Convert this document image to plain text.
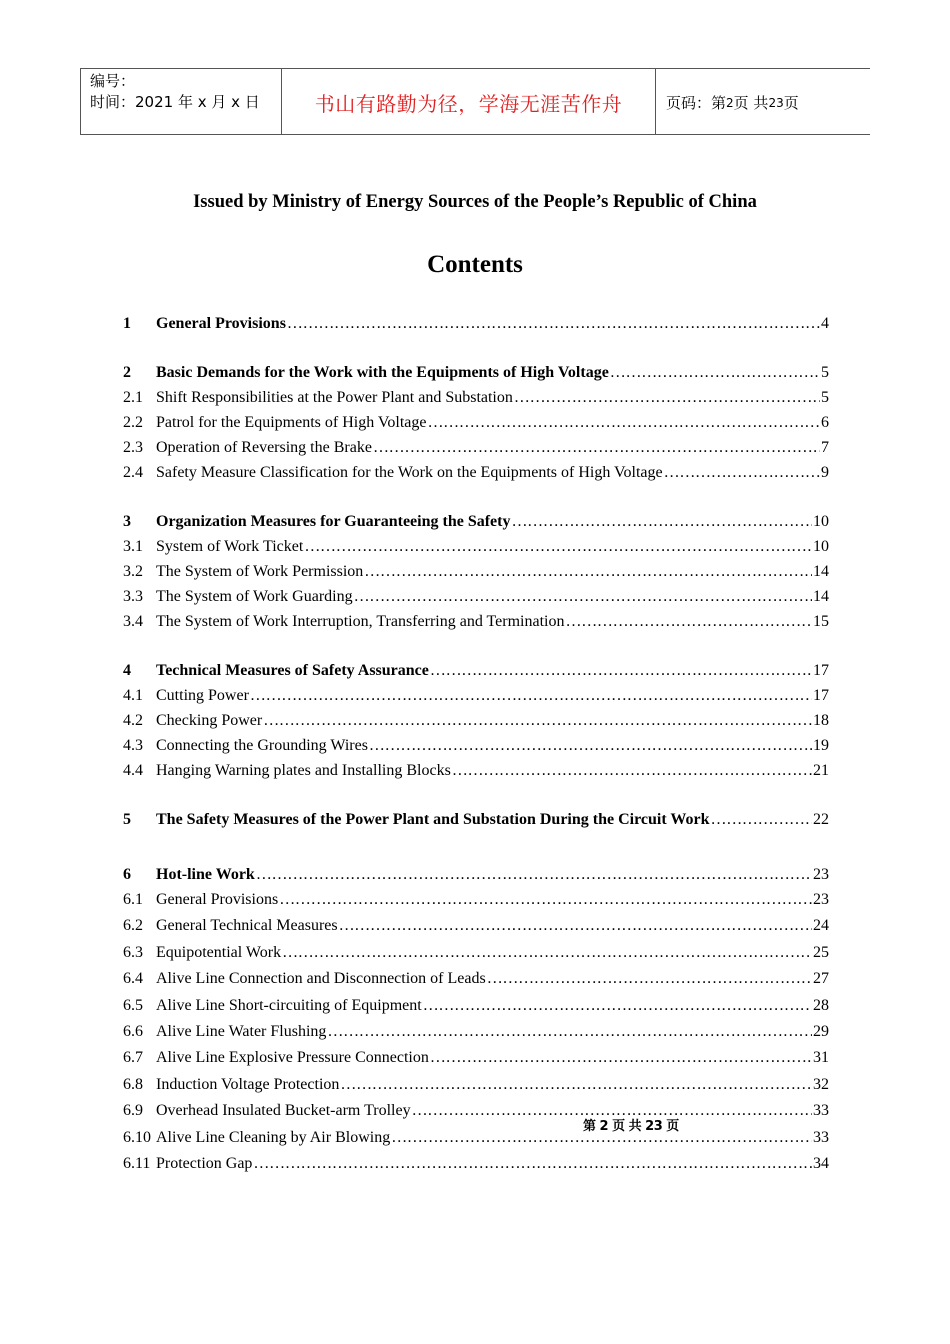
编号：
时间：2021 年 x 月 x 日	书山有路勤为径，学海无涯苦作舟	页码：第 2 页 共 23 页
Issued by Ministry of Energy Sources of the People’s Republic of China
Contents
1	General Provisions …………………………………………………………………………………………………………………………………………………………………………………………	4
2	Basic Demands for the Work with the Equipments of High Voltage …………………………………………………………………………………………………………………………………………………………………………………………	5
2.1 Shift Responsibilities at the Power Plant and Substation …………………………………………………………………………………………………………………………………………………………………………………………	5
2.2 Patrol for the Equipments of High Voltage …………………………………………………………………………………………………………………………………………………………………………………………	6
2.3 Operation of Reversing the Brake …………………………………………………………………………………………………………………………………………………………………………………………	7
2.4 Safety Measure Classification for the Work on the Equipments of High Voltage …………………………………………………………………………………………………………………………………………………………………………………………	9
3	Organization Measures for Guaranteeing the Safety …………………………………………………………………………………………………………………………………………………………………………………………	10
3.1 System of Work Ticket …………………………………………………………………………………………………………………………………………………………………………………………	10
3.2 The System of Work Permission …………………………………………………………………………………………………………………………………………………………………………………………	14
3.3 The System of Work Guarding …………………………………………………………………………………………………………………………………………………………………………………………	14
3.4 The System of Work Interruption, Transferring and Termination …………………………………………………………………………………………………………………………………………………………………………………………	15
4	Technical Measures of Safety Assurance …………………………………………………………………………………………………………………………………………………………………………………………	17
4.1 Cutting Power …………………………………………………………………………………………………………………………………………………………………………………………	17
4.2 Checking Power …………………………………………………………………………………………………………………………………………………………………………………………	18
4.3 Connecting the Grounding Wires …………………………………………………………………………………………………………………………………………………………………………………………	19
4.4 Hanging Warning plates and Installing Blocks …………………………………………………………………………………………………………………………………………………………………………………………	21
5	The Safety Measures of the Power Plant and Substation During the Circuit Work …………………………………………………………………………………………………………………………………………………………………………………………	22
6	Hot-line Work …………………………………………………………………………………………………………………………………………………………………………………………	23
6.1 General Provisions …………………………………………………………………………………………………………………………………………………………………………………………	23
6.2 General Technical Measures …………………………………………………………………………………………………………………………………………………………………………………………	24
6.3 Equipotential Work …………………………………………………………………………………………………………………………………………………………………………………………	25
6.4 Alive Line Connection and Disconnection of Leads …………………………………………………………………………………………………………………………………………………………………………………………	27
6.5 Alive Line Short-circuiting of Equipment …………………………………………………………………………………………………………………………………………………………………………………………	28
6.6 Alive Line Water Flushing …………………………………………………………………………………………………………………………………………………………………………………………	29
6.7 Alive Line Explosive Pressure Connection …………………………………………………………………………………………………………………………………………………………………………………………	31
6.8 Induction Voltage Protection …………………………………………………………………………………………………………………………………………………………………………………………	32
6.9 Overhead Insulated Bucket-arm Trolley …………………………………………………………………………………………………………………………………………………………………………………………	33
6.10 Alive Line Cleaning by Air Blowing …………………………………………………………………………………………………………………………………………………………………………………………	33
6.11 Protection Gap …………………………………………………………………………………………………………………………………………………………………………………………	34
第 2 页 共 23 页
